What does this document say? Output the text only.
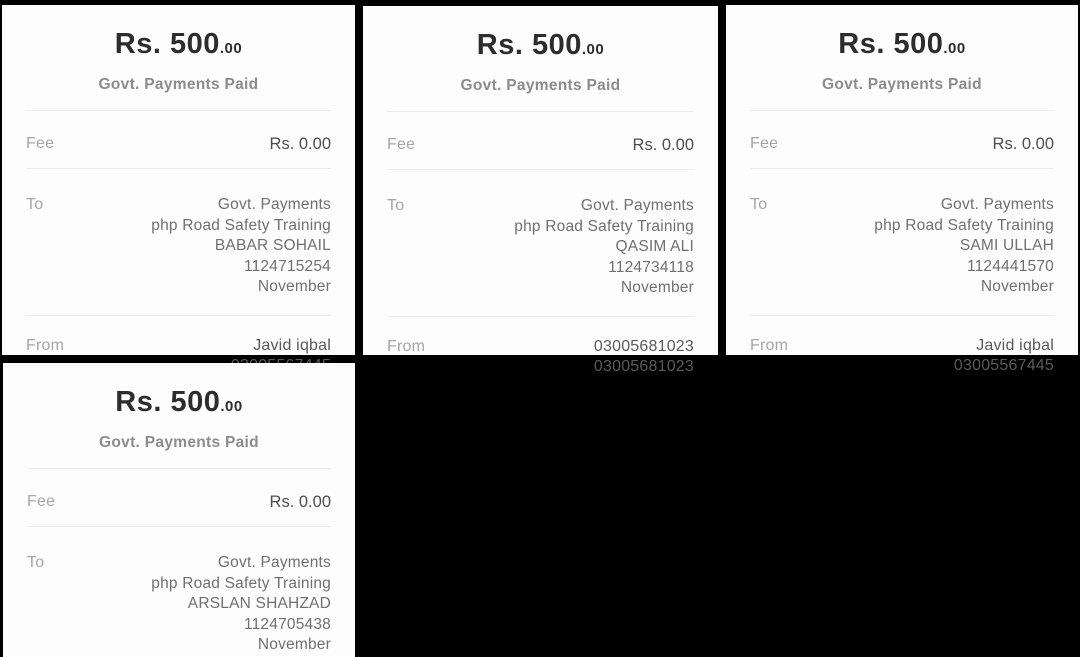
Rs. 500.00
Govt. Payments Paid
Fee	Rs. 0.00
To	Govt. Payments
php Road Safety Training
BABAR SOHAIL
1124715254
November
From	Javid iqbal
Rs. 500.00
Govt. Payments Paid
Fee	Rs. 0.00
To	Govt. Payments
php Road Safety Training
QASIM ALI
1124734118
November
From	03005681023
03005681023
Rs. 500.00
Govt. Payments Paid
Fee	Rs. 0.00
To	Govt. Payments
php Road Safety Training
SAMI ULLAH
1124441570
November
From	Javid iqbal
03005567445
Rs. 500.00
Govt. Payments Paid
Fee	Rs. 0.00
To	Govt. Payments
php Road Safety Training
ARSLAN SHAHZAD
1124705438
November
